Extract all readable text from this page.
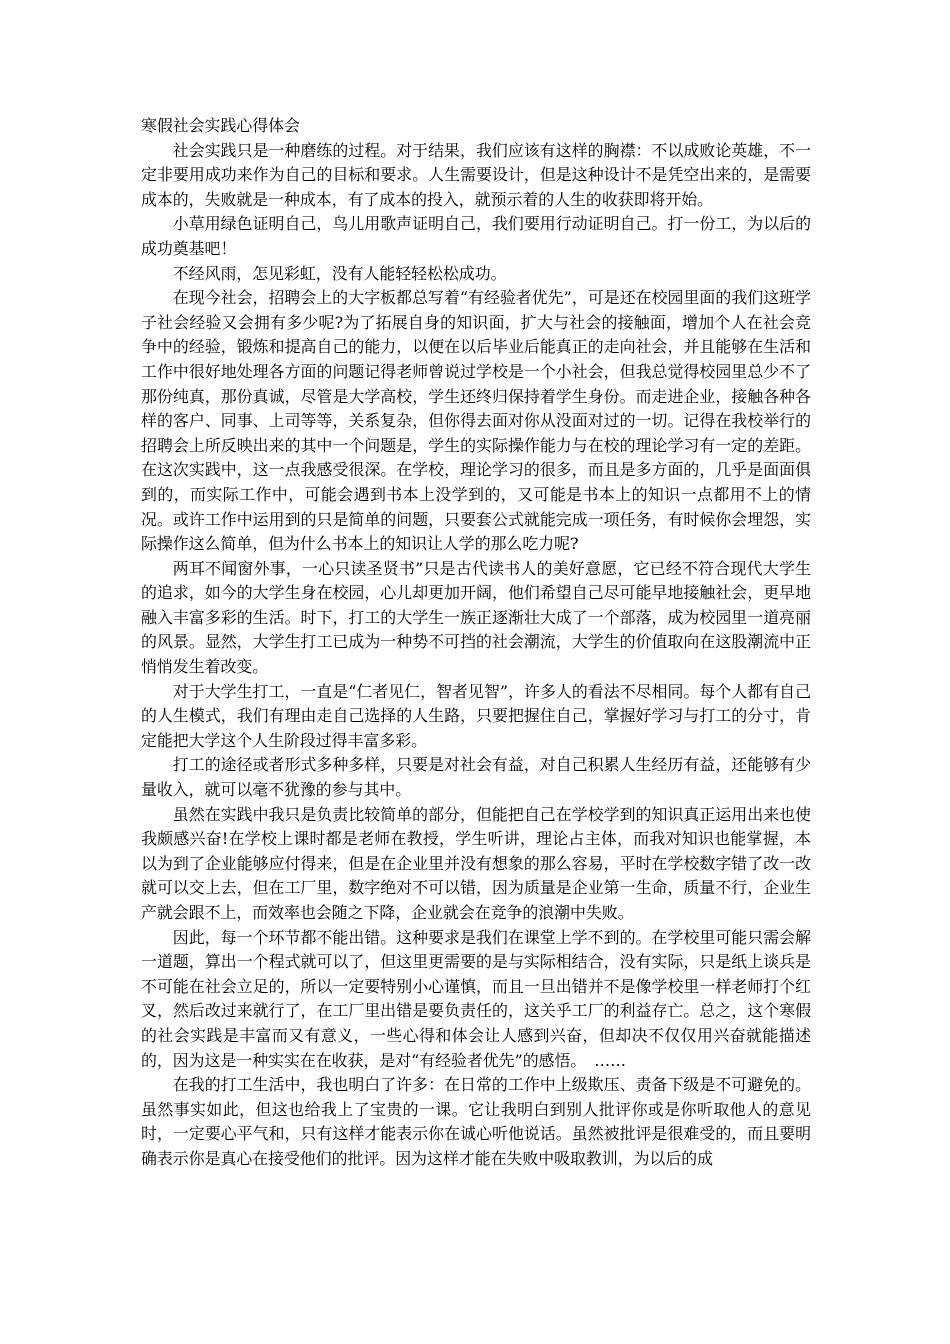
寒假社会实践心得体会

社会实践只是一种磨练的过程。对于结果，我们应该有这样的胸襟：不以成败论英雄，不一定非要用成功来作为自己的目标和要求。人生需要设计，但是这种设计不是凭空出来的，是需要成本的，失败就是一种成本，有了成本的投入，就预示着的人生的收获即将开始。

小草用绿色证明自己，鸟儿用歌声证明自己，我们要用行动证明自己。打一份工，为以后的成功奠基吧！

不经风雨，怎见彩虹，没有人能轻轻松松成功。

在现今社会，招聘会上的大字板都总写着“有经验者优先”，可是还在校园里面的我们这班学子社会经验又会拥有多少呢?为了拓展自身的知识面，扩大与社会的接触面，增加个人在社会竞争中的经验，锻炼和提高自己的能力，以便在以后毕业后能真正的走向社会，并且能够在生活和工作中很好地处理各方面的问题记得老师曾说过学校是一个小社会，但我总觉得校园里总少不了那份纯真，那份真诚，尽管是大学高校，学生还终归保持着学生身份。而走进企业，接触各种各样的客户、同事、上司等等，关系复杂，但你得去面对你从没面对过的一切。记得在我校举行的招聘会上所反映出来的其中一个问题是，学生的实际操作能力与在校的理论学习有一定的差距。在这次实践中，这一点我感受很深。在学校，理论学习的很多，而且是多方面的，几乎是面面俱到的，而实际工作中，可能会遇到书本上没学到的，又可能是书本上的知识一点都用不上的情况。或许工作中运用到的只是简单的问题，只要套公式就能完成一项任务，有时候你会埋怨，实际操作这么简单，但为什么书本上的知识让人学的那么吃力呢?

两耳不闻窗外事，一心只读圣贤书”只是古代读书人的美好意愿，它已经不符合现代大学生的追求，如今的大学生身在校园，心儿却更加开阔，他们希望自己尽可能早地接触社会，更早地融入丰富多彩的生活。时下，打工的大学生一族正逐渐壮大成了一个部落，成为校园里一道亮丽的风景。显然，大学生打工已成为一种势不可挡的社会潮流，大学生的价值取向在这股潮流中正悄悄发生着改变。

对于大学生打工，一直是“仁者见仁，智者见智”，许多人的看法不尽相同。每个人都有自己的人生模式，我们有理由走自己选择的人生路，只要把握住自己，掌握好学习与打工的分寸，肯定能把大学这个人生阶段过得丰富多彩。

打工的途径或者形式多种多样，只要是对社会有益，对自己积累人生经历有益，还能够有少量收入，就可以毫不犹豫的参与其中。

虽然在实践中我只是负责比较简单的部分，但能把自己在学校学到的知识真正运用出来也使我颇感兴奋!在学校上课时都是老师在教授，学生听讲，理论占主体，而我对知识也能掌握，本以为到了企业能够应付得来，但是在企业里并没有想象的那么容易，平时在学校数字错了改一改就可以交上去，但在工厂里，数字绝对不可以错，因为质量是企业第一生命，质量不行，企业生产就会跟不上，而效率也会随之下降，企业就会在竞争的浪潮中失败。

因此，每一个环节都不能出错。这种要求是我们在课堂上学不到的。在学校里可能只需会解一道题，算出一个程式就可以了，但这里更需要的是与实际相结合，没有实际，只是纸上谈兵是不可能在社会立足的，所以一定要特别小心谨慎，而且一旦出错并不是像学校里一样老师打个红叉，然后改过来就行了，在工厂里出错是要负责任的，这关乎工厂的利益存亡。总之，这个寒假的社会实践是丰富而又有意义，一些心得和体会让人感到兴奋，但却决不仅仅用兴奋就能描述的，因为这是一种实实在在收获，是对“有经验者优先”的感悟。　……

在我的打工生活中，我也明白了许多：在日常的工作中上级欺压、责备下级是不可避免的。虽然事实如此，但这也给我上了宝贵的一课。它让我明白到别人批评你或是你听取他人的意见时，一定要心平气和，只有这样才能表示你在诚心听他说话。虽然被批评是很难受的，而且要明确表示你是真心在接受他们的批评。因为这样才能在失败中吸取教训，为以后的成
